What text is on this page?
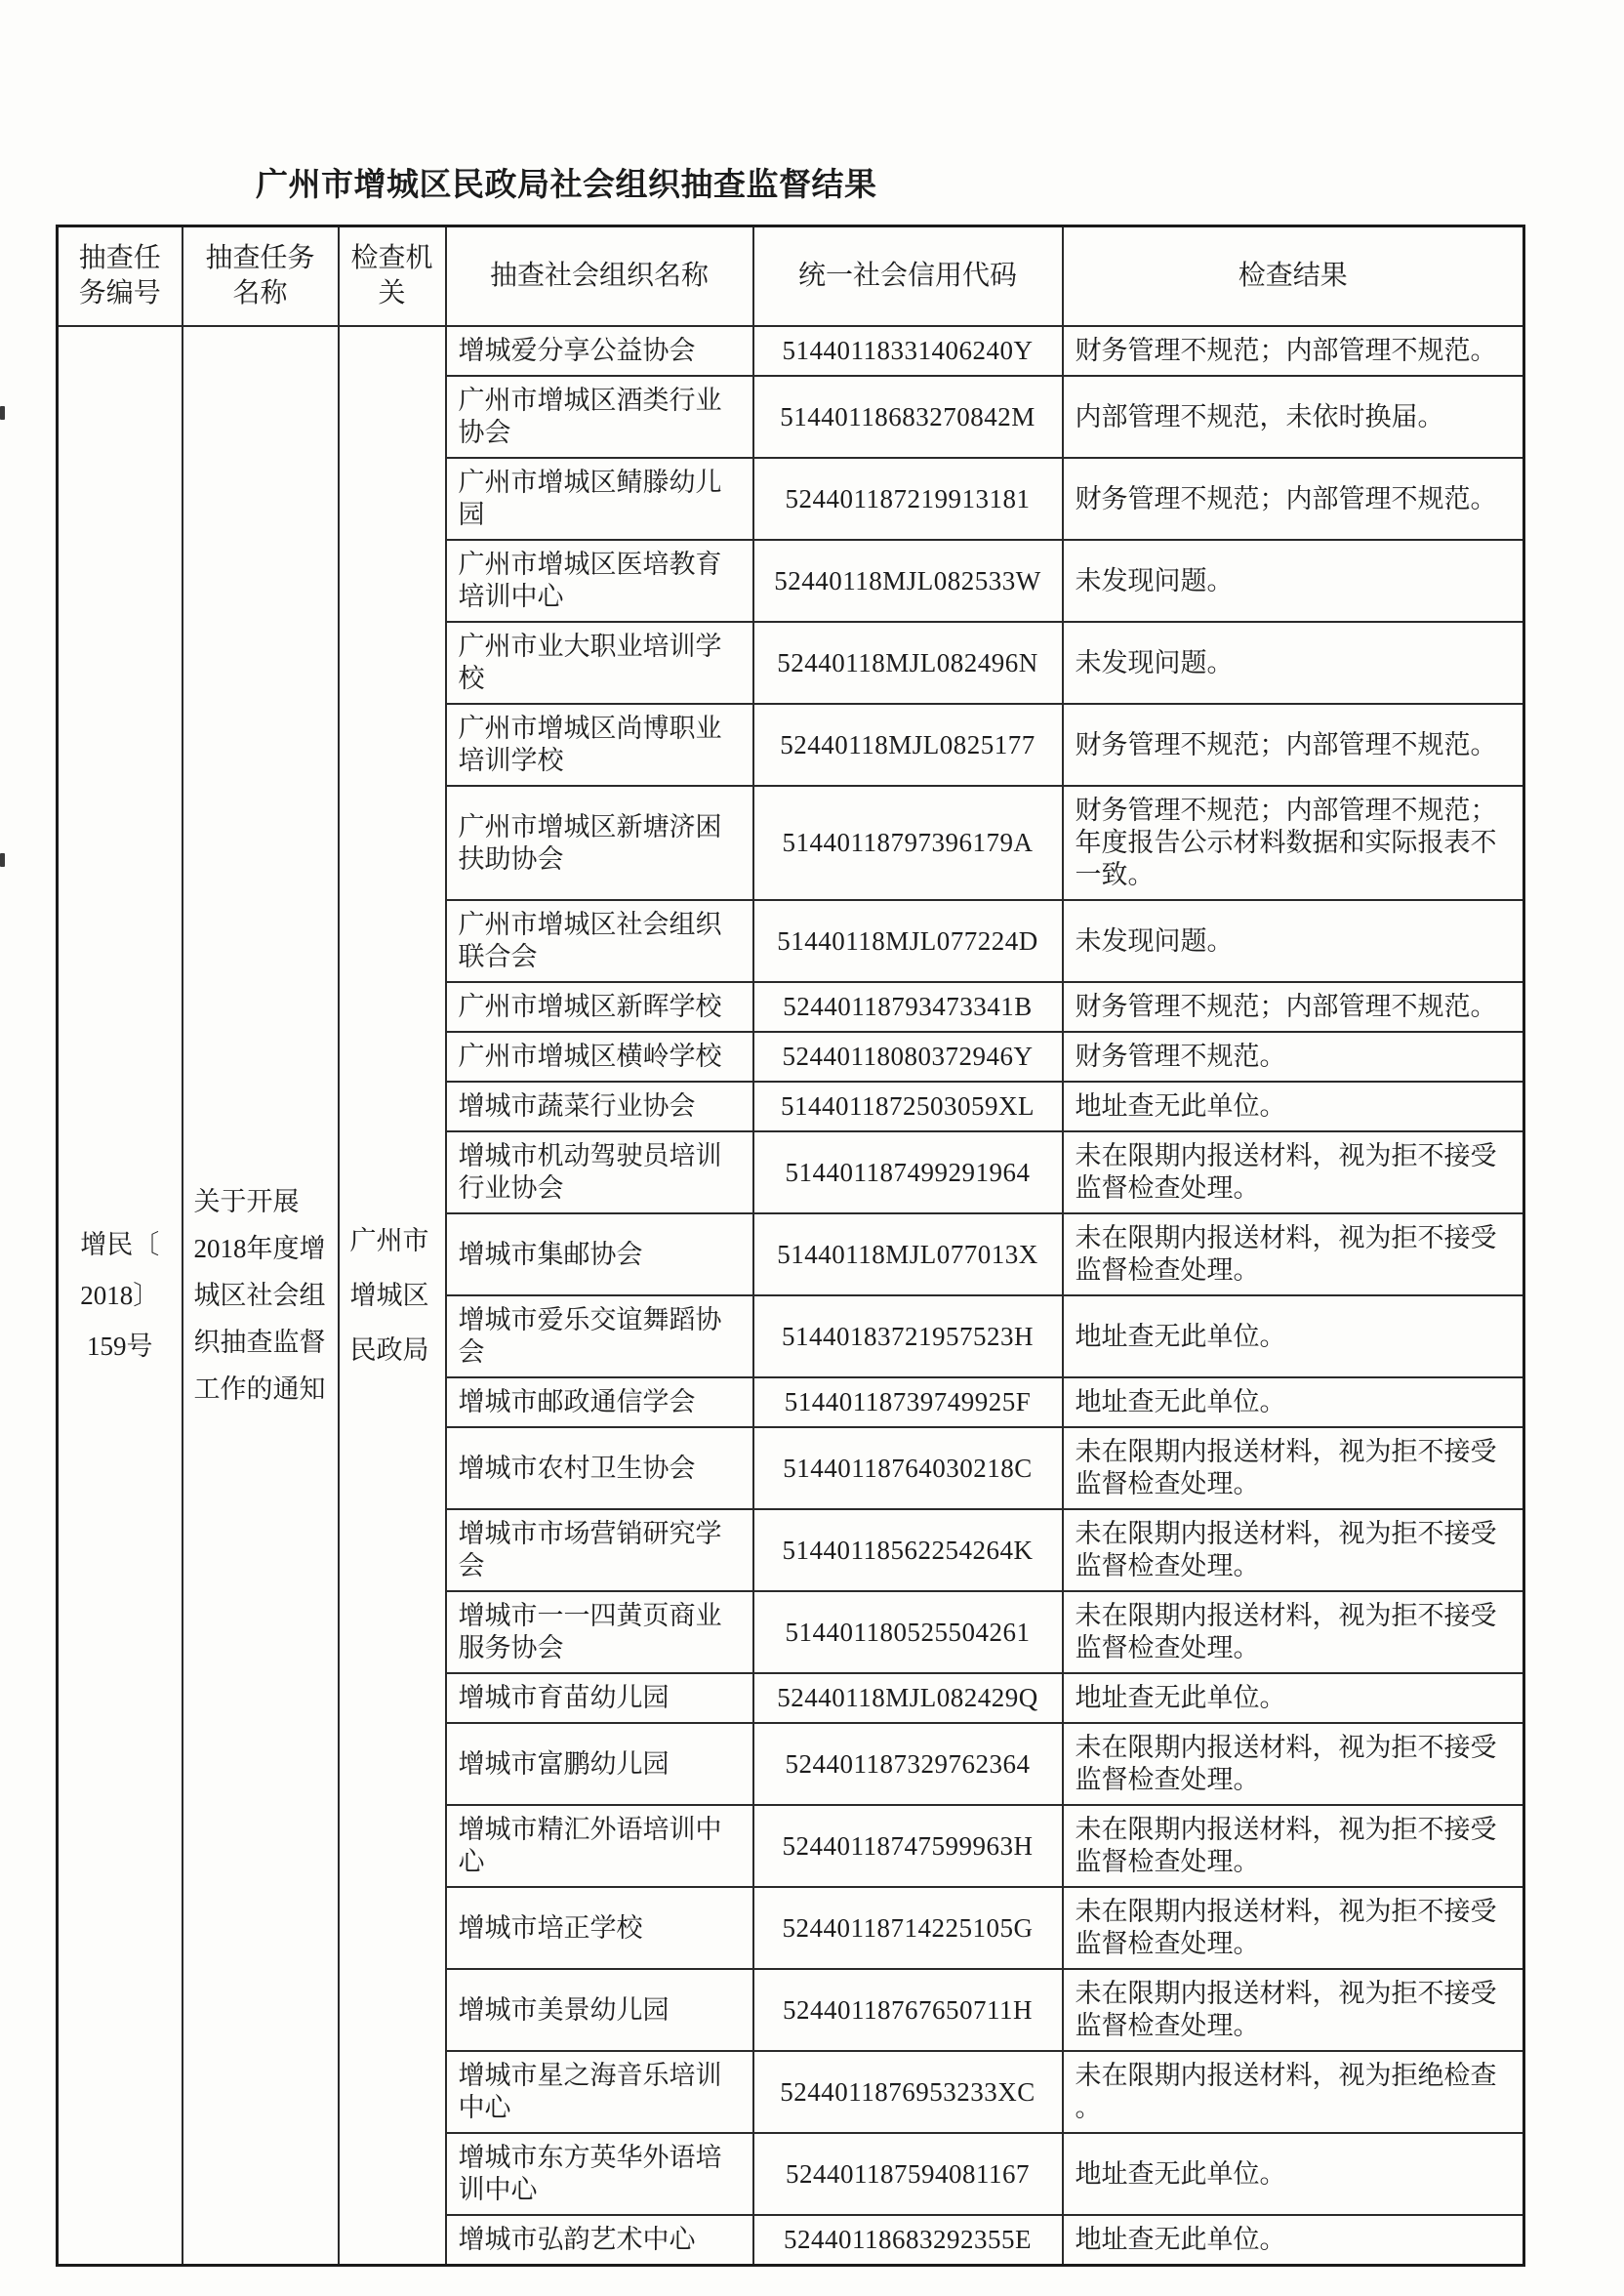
广州市增城区民政局社会组织抽查监督结果
抽查任务编号	抽查任务名称	检查机关	抽查社会组织名称	统一社会信用代码	检查结果

增民〔2018〕159号	关于开展2018年度增城区社会组织抽查监督工作的通知	广州市增城区民政局	增城爱分享公益协会	51440118331406240Y	财务管理不规范；内部管理不规范。

			广州市增城区酒类行业协会	51440118683270842M	内部管理不规范，未依时换届。

			广州市增城区鲭滕幼儿园	524401187219913181	财务管理不规范；内部管理不规范。

			广州市增城区医培教育培训中心	52440118MJL082533W	未发现问题。

			广州市业大职业培训学校	52440118MJL082496N	未发现问题。

			广州市增城区尚博职业培训学校	52440118MJL0825177	财务管理不规范；内部管理不规范。

			广州市增城区新塘济困扶助协会	51440118797396179A	财务管理不规范；内部管理不规范；年度报告公示材料数据和实际报表不一致。

			广州市增城区社会组织联合会	51440118MJL077224D	未发现问题。

			广州市增城区新晖学校	52440118793473341B	财务管理不规范；内部管理不规范。

			广州市增城区横岭学校	52440118080372946Y	财务管理不规范。

			增城市蔬菜行业协会	5144011872503059XL	地址查无此单位。

			增城市机动驾驶员培训行业协会	514401187499291964	未在限期内报送材料，视为拒不接受监督检查处理。

			增城市集邮协会	51440118MJL077013X	未在限期内报送材料，视为拒不接受监督检查处理。

			增城市爱乐交谊舞蹈协会	51440183721957523H	地址查无此单位。

			增城市邮政通信学会	51440118739749925F	地址查无此单位。

			增城市农村卫生协会	51440118764030218C	未在限期内报送材料，视为拒不接受监督检查处理。

			增城市市场营销研究学会	51440118562254264K	未在限期内报送材料，视为拒不接受监督检查处理。

			增城市一一四黄页商业服务协会	514401180525504261	未在限期内报送材料，视为拒不接受监督检查处理。

			增城市育苗幼儿园	52440118MJL082429Q	地址查无此单位。

			增城市富鹏幼儿园	524401187329762364	未在限期内报送材料，视为拒不接受监督检查处理。

			增城市精汇外语培训中心	52440118747599963H	未在限期内报送材料，视为拒不接受监督检查处理。

			增城市培正学校	52440118714225105G	未在限期内报送材料，视为拒不接受监督检查处理。

			增城市美景幼儿园	52440118767650711H	未在限期内报送材料，视为拒不接受监督检查处理。

			增城市星之海音乐培训中心	5244011876953233XC	未在限期内报送材料，视为拒绝检查。

			增城市东方英华外语培训中心	524401187594081167	地址查无此单位。

			增城市弘韵艺术中心	52440118683292355E	地址查无此单位。
